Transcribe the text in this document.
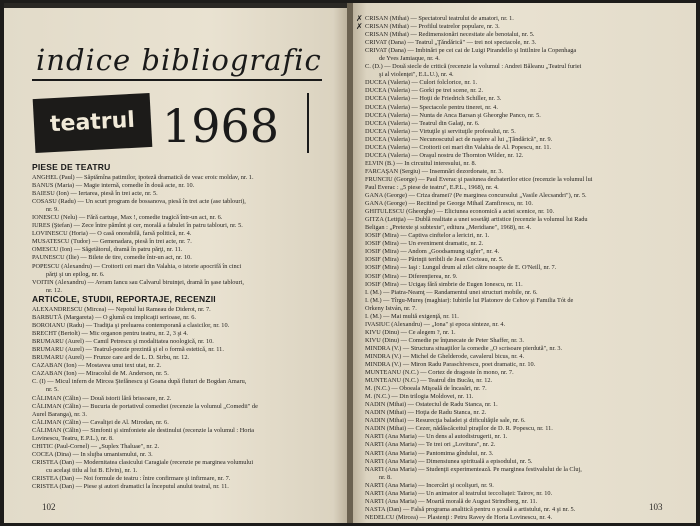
indice bibliografic
teatrul 1968
PIESE DE TEATRU
ANGHEL (Paul) — Săptămîna patimilor, ipoteză dramatică de veac eroic moldav, nr. 1.
BANUS (Maria) — Magie internă, comedie în două acte, nr. 10.
BAIESU (Ion) — Iertarea, piesă în trei acte, nr. 5.
COSASU (Radu) — Un scurt program de bossanova, piesă în trei acte (ase tablouri),
nr. 9.
IONESCU (Nelu) — Fără cartuşe, Max !, comedie tragică într-un act, nr. 6.
IURES (Ştefan) — Zece între pămînt şi cer, morală a fabulei în patru tablouri, nr. 5.
LOVINESCU (Horia) — O casă onorabilă, farsă politică, nr. 4.
MUSATESCU (Tudor) — Gemenadara, piesă în trei acte, nr. 7.
OMESCU (Ion) — Săgetătorul, dramă în patru părţi, nr. 11.
PAUNESCU (Ilie) — Bilete de tire, comedie într-un act, nr. 10.
POPESCU (Alexandru) — Croitorii cei mari din Valahia, o istorie apocrifă în cinci
părţi şi un epilog, nr. 6.
VOITIN (Alexandru) — Avram Iancu sau Calvarul biruinţei, dramă în şase tablouri,
nr. 12.
ARTICOLE, STUDII, REPORTAJE, RECENZII
ALEXANDRESCU (Mircea) — Nepotul lui Rameau de Diderot, nr. 7.
BARBUTĂ (Margareta) — O glumă cu implicaţii serioase, nr. 6.
BOROIANU (Radu) — Tradiţia şi preluarea contemporană a clasicilor, nr. 10.
BRECHT (Bertolt) — Mic organon pentru teatru, nr. 2, 3 şi 4.
BRUMARU (Aurel) — Camil Petrescu şi modalitatea noologică, nr. 10.
BRUMARU (Aurel) — Teatrul-poezie prezintă şi el o formă estetică, nr. 11.
BRUMARU (Aurel) — Frunze care ard de L. D. Sirbu, nr. 12.
CAZABAN (Ion) — Mostavea unui text utat, nr. 2.
CAZABAN (Ion) — Miracolul de M. Anderson, nr. 5.
C. (I) — Micul infern de Mircea Ştefănescu şi Goana după fluturi de Bogdan Amaru,
nr. 5.
CĂLIMAN (Călin) — Două istorii lără brissoare, nr. 2.
CĂLIMAN (Călin) — Bucuria de portativul comediei (recenzie la volumul „Comedii" de
Aurel Baranga), nr. 3.
CĂLIMAN (Călin) — Cavaliţei de Al. Mirodan, nr. 6.
CĂLIMAN (Călin) — Simfonii şi simfoniete ale destinului (recenzie la volumul : Horia
Lovinescu, Teatru, E.P.L.), nr. 8.
CHITIC (Paul-Cornel) — „Suplex Thaluae", nr. 2.
COCEA (Dina) — In slujba umanismului, nr. 3.
CRISTEA (Dan) — Modernitatea clasicului Caragiale (recenzie pe marginea volumului
cu acelaşi titlu al lui B. Elvin), nr. 1.
CRISTEA (Dan) — Noi formule de teatru : între confirmare şi infirmare, nr. 7.
CRISTEA (Dan) — Piese şi autori dramatici la începutul anului teatral, nr. 11.
102
✗
✗
CRISAN (Mihai) — Spectatorul teatrului de amatori, nr. 1.
CRISAN (Mihai) — Profilul teatrelor populare, nr. 3.
CRISAN (Mihai) — Redimensionări necesitate ale benotalui, nr. 5.
CRIVAT (Dana) — Teatrul „Ţăndărică" — trei noi spectacole, nr. 3.
CRIVAT (Dana) — Imbinări pe cei cai de Luigi Pirandello şi Intilnire la Copenhaga
de Yves Jamiaque, nr. 4.
C. (D.) — Două siecle de critică (recenzie la volumul : Andrei Băleanu „Teatrul furiei
şi al violenţei", E.L.U.), nr. 4.
DUCEA (Valeria) — Culori folclorice, nr. 1.
DUCEA (Valeria) — Gorki pe trei scene, nr. 2.
DUCEA (Valeria) — Hoţii de Friedrich Schiller, nr. 3.
DUCEA (Valeria) — Spectacole pentru tineret, nr. 4.
DUCEA (Valeria) — Nunta de Anca Barsan şi Gheorghe Panco, nr. 5.
DUCEA (Valeria) — Teatrul din Galaţi, nr. 6.
DUCEA (Valeria) — Virtuţile şi servituţile profesului, nr. 5.
DUCEA (Valeria) — Necunoscutul act de naştere al lui „Ţăndărică", nr. 9.
DUCEA (Valeria) — Croitorii cei mari din Valahia de Al. Popescu, nr. 11.
DUCEA (Valeria) — Oraşul nostru de Thornton Wilder, nr. 12.
ELVIN (B.) — In circuitul interesului, nr. 8.
FARCAŞAN (Sergiu) — Insemnări dezordonate, nr. 3.
FRUNCIU (George) — Paul Everac şi pasiunea dezbaterilor etice (recenzie la volumul lui
Paul Everac : „5 piese de teatru", E.P.L., 1968), nr. 4.
GANA (George) — Criza dramei? (Pe marginea concursului „Vasile Alecsandri"), nr. 5.
GANA (George) — Recitind pe George Mihail Zamfirescu, nr. 10.
GHITULESCU (Gheorghe) — Eliciunea economică a actei scenice, nr. 10.
GITZA (Letiţia) — Dublă realitate a unei sosetăţi artistice (recenzie la volumul lui Radu
Beligan : „Pretexte şi subtexte", editura „Meridiane", 1968), nr. 4.
IOSIF (Mira) — Captiva cinftelor a lericiri, nr. 1.
IOSIF (Mira) — Un eveniment dramatic, nr. 2.
IOSIF (Mira) — Andom „Goodsamung sigfer", nr. 4.
IOSIF (Mira) — Părinţii teribili de Jean Cocteau, nr. 5.
IOSIF (Mira) — Iaşi : Lungul drum al zilei către noapte de E. O'Neill, nr. 7.
IOSIF (Mira) — Diferenţierea, nr. 9.
IOSIF (Mira) — Ucigaş fără simbrie de Eugen Ionescu, nr. 11.
I. (M.) — Piatra-Neamţ — Randamentul unei structuri mobile, nr. 6.
I. (M.) — Tîrgu-Mureş (maghiar): Iubirile lui Platonov de Cehov şi Familia Tót de
Orkeny István, nr. 7.
I. (M.) — Mai multă exigenţă, nr. 11.
IVASIUC (Alexandru) — „Iona" şi epoca sinteze, nr. 4.
KIVU (Dinu) — Ce alegem ?, nr. 1.
KIVU (Dinu) — Comedie pe înţunecate de Peter Shaffer, nr. 3.
MINDRA (V.) — Structura situaţiilor la comedie „O scrisoare pierdută", nr. 3.
MINDRA (V.) — Michel de Ghelderode, cavalerul bicus, nr. 4.
MINDRA (V.) — Miron Radu Paraschivescu, poet dramatic, nr. 10.
MUNTEANU (N.C.) — Cortez de dragoste în mono, nr. 7.
MUNTEANU (N.C.) — Teatrul din Bucău, nr. 12.
M. (N.C.) — Oboeala Mişoală de încasări, nr. 7.
M. (N.C.) — Din trilogia Moldovei, nr. 11.
NADIN (Mihai) — Ostateciul de Radu Stanca, nr. 1.
NADIN (Mihai) — Hoţia de Radu Stanca, nr. 2.
NADIN (Mihai) — Resurecţia baladei şi dificultăţile sale, nr. 6.
NADIN (Mihai) — Cezer, nădăscăceitul piraţilor de D. R. Popescu, nr. 11.
NARTI (Ana Maria) — Un dens al autodistrugerii, nr. 1.
NARTI (Ana Maria) — Te trei ori „Lovitura", nr. 2.
NARTI (Ana Maria) — Pantomima gîndului, nr. 3.
NARTI (Ana Maria) — Dimensiunea spirituală a episodului, nr. 5.
NARTI (Ana Maria) — Studenţii experimentează. Pe marginea festivalului de la Cluj,
nr. 8.
NARTI (Ana Maria) — Incercări şi ocolişuri, nr. 9.
NARTI (Ana Maria) — Un animator al teatrului ieccoliaței: Tairov, nr. 10.
NARTI (Ana Maria) — Moartă morală de August Strindberg, nr. 11.
NASTA (Dan) — Falsă programa analitică pentru o şcoală a artistului, nr. 4 şi nr. 5.
NEDELCU (Mircea) — Plastenţi : Petru Ravey de Horia Lovinescu, nr. 4.
103
